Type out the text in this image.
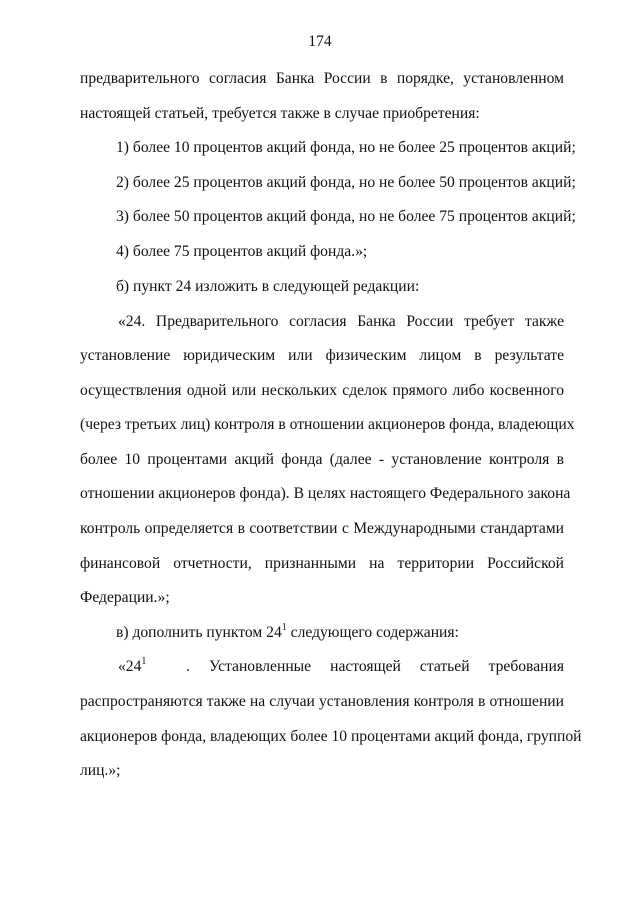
174
предварительного согласия Банка России в порядке, установленном
настоящей статьей, требуется также в случае приобретения:
1) более 10 процентов акций фонда, но не более 25 процентов акций;
2) более 25 процентов акций фонда, но не более 50 процентов акций;
3) более 50 процентов акций фонда, но не более 75 процентов акций;
4) более 75 процентов акций фонда.»;
б) пункт 24 изложить в следующей редакции:
«24. Предварительного согласия Банка России требует также
установление юридическим или физическим лицом в результате
осуществления одной или нескольких сделок прямого либо косвенного
(через третьих лиц) контроля в отношении акционеров фонда, владеющих
более 10 процентами акций фонда (далее - установление контроля в
отношении акционеров фонда). В целях настоящего Федерального закона
контроль определяется в соответствии с Международными стандартами
финансовой отчетности, признанными на территории Российской
Федерации.»;
в) дополнить пунктом $24^1$ следующего содержания:
«$24^1$	. Установленные настоящей статьей требования
распространяются также на случаи установления контроля в отношении
акционеров фонда, владеющих более 10 процентами акций фонда, группой
лиц.»;
